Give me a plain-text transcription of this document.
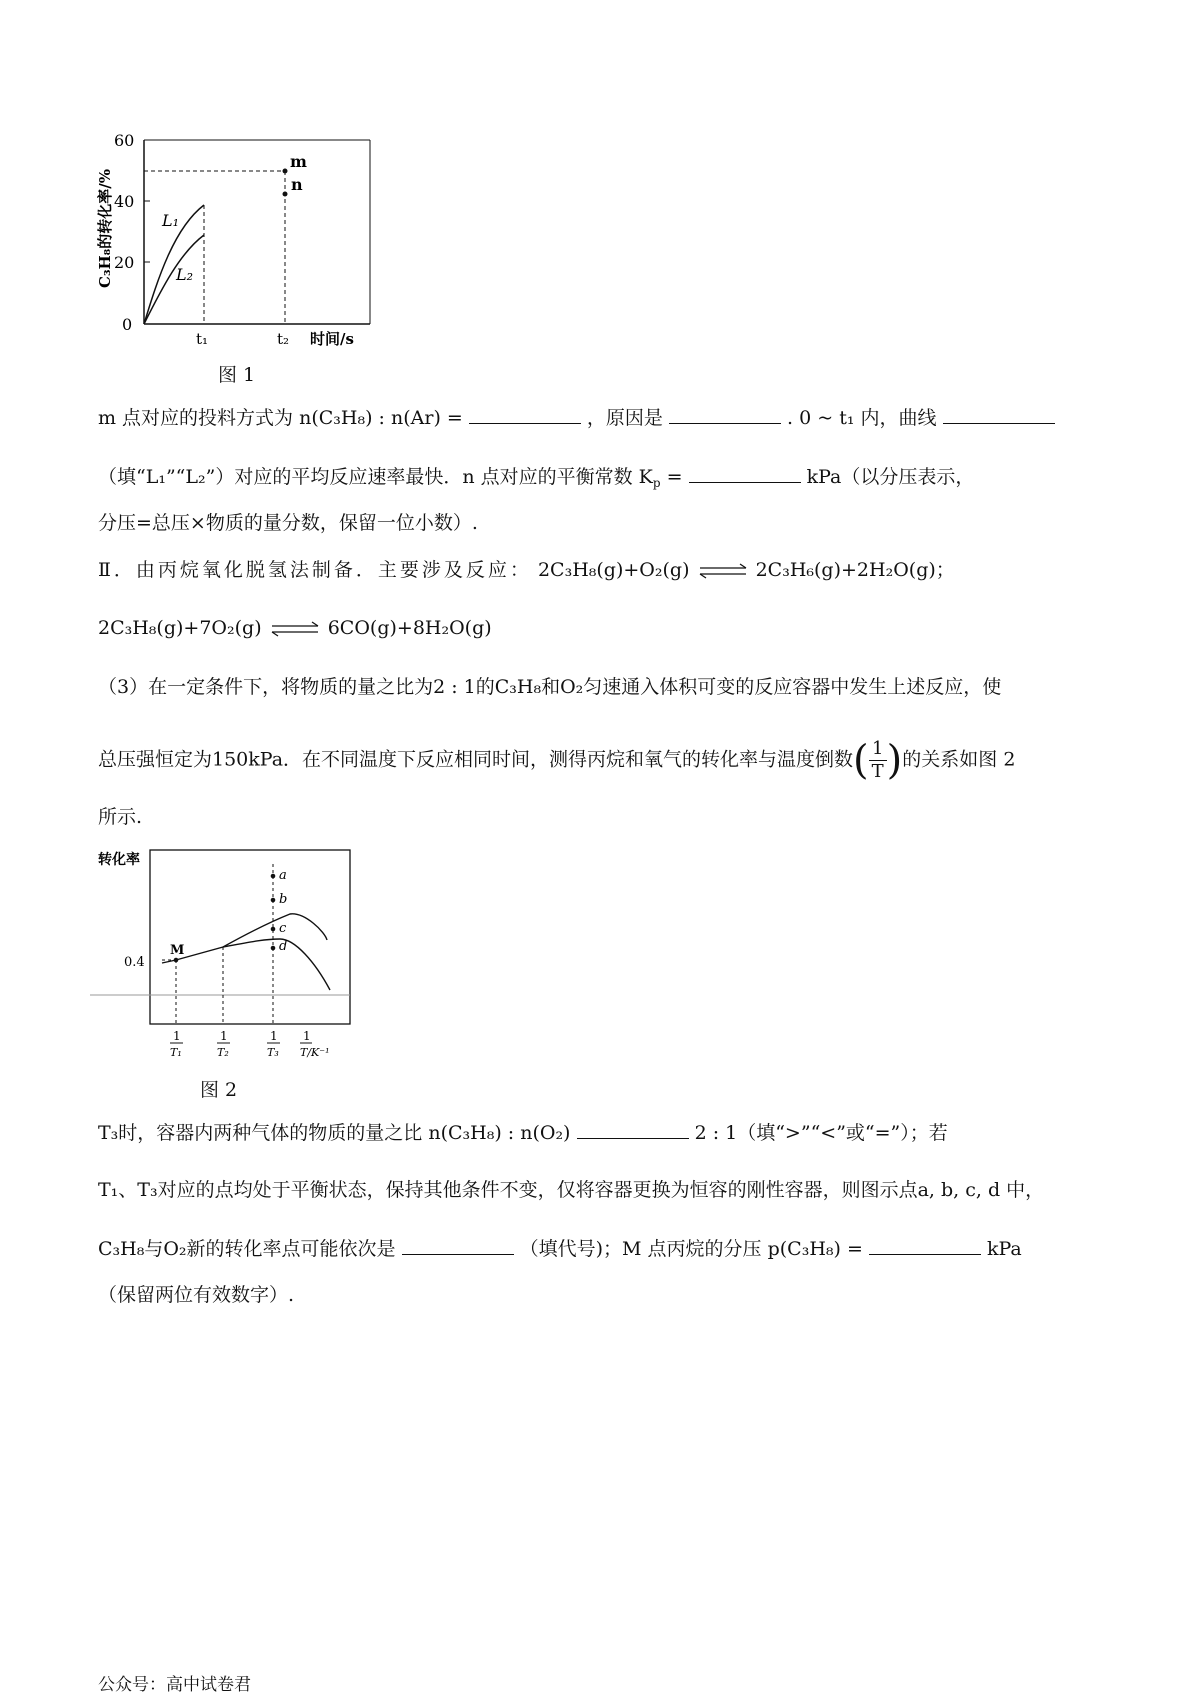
0
20
40
60
C₃H₈的转化率/%	L₁
L₂
m
n
t₁	t₂ 时间/s
图 1
m 点对应的投料方式为 n(C₃H₈) : n(Ar) =	，原因是	. 0 ~ t₁ 内，曲线
（填“L₁”“L₂”）对应的平均反应速率最快．n 点对应的平衡常数 $K_p$ =	kPa（以分压表示，
分压=总压×物质的量分数，保留一位小数）.
Ⅱ．由丙烷氧化脱氢法制备．主要涉及反应： 2C₃H₈(g)+O₂(g) ⇌ 2C₃H₆(g)+2H₂O(g)；
2C₃H₈(g)+7O₂(g) ⇌ 6CO(g)+8H₂O(g)
（3）在一定条件下，将物质的量之比为2 : 1的C₃H₈和O₂匀速通入体积可变的反应容器中发生上述反应，使
总压强恒定为150kPa．在不同温度下反应相同时间，测得丙烷和氧气的转化率与温度倒数( $\frac{1}{T}$ )的关系如图 2
所示.
转化率
0.4
M
a
b
c
d
1
T₁
1
T₂
1
T₃
1
T/K⁻¹
图 2
T₃时，容器内两种气体的物质的量之比 n(C₃H₈) : n(O₂)	2 : 1（填“>”“<”或“=”）；若
T₁、T₃对应的点均处于平衡状态，保持其他条件不变，仅将容器更换为恒容的刚性容器，则图示点a, b, c, d 中，
C₃H₈与O₂新的转化率点可能依次是	（填代号)；M 点丙烷的分压 p(C₃H₈) =	kPa
（保留两位有效数字）.
公众号：高中试卷君
